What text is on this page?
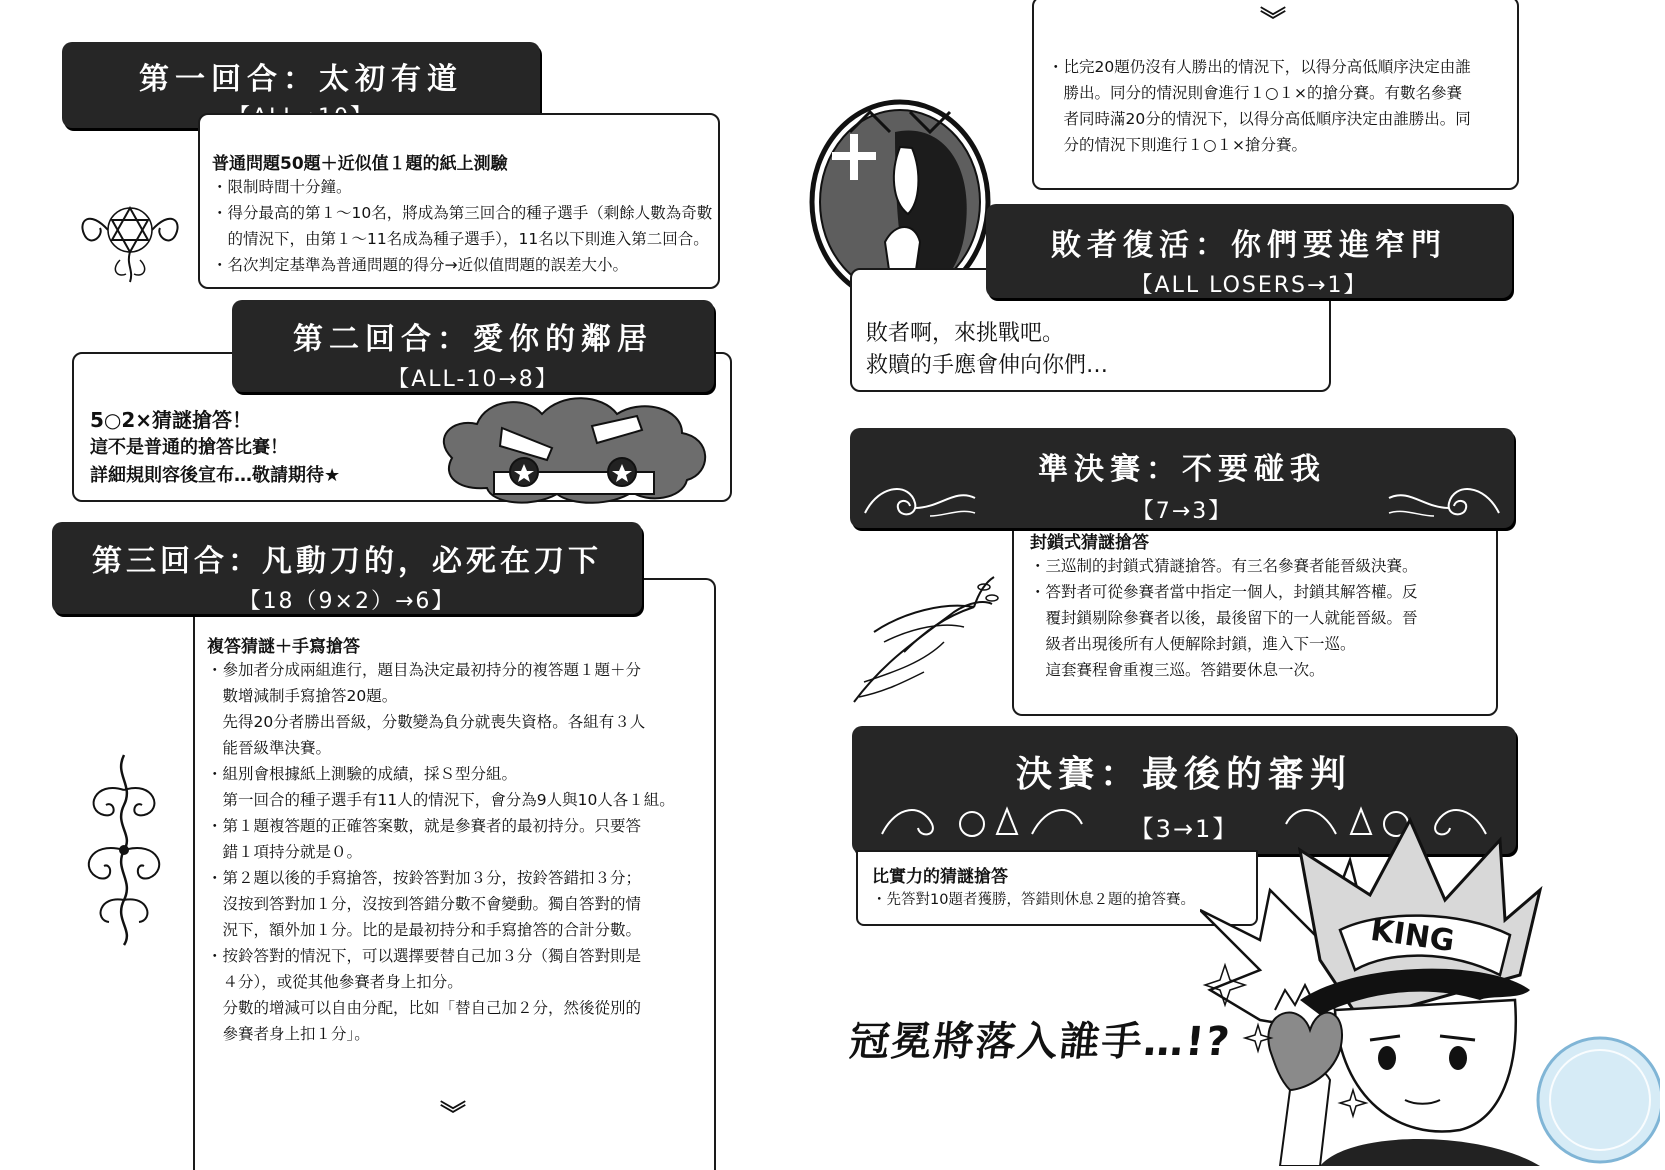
第一回合：太初有道
普通問題50題＋近似值１題的紙上測驗
・限制時間十分鐘。
・得分最高的第１～10名，將成為第三回合的種子選手（剩餘人數為奇數
　的情況下，由第１～11名成為種子選手），11名以下則進入第二回合。
・名次判定基準為普通問題的得分→近似值問題的誤差大小。
5○2×猜謎搶答！
這不是普通的搶答比賽！
詳細規則容後宣布…敬請期待★
第二回合：愛你的鄰居
【ALL-10→8】
複答猜謎＋手寫搶答
・參加者分成兩組進行，題目為決定最初持分的複答題１題＋分
　數增減制手寫搶答20題。
　先得20分者勝出晉級，分數變為負分就喪失資格。各組有３人
　能晉級準決賽。
・組別會根據紙上測驗的成績，採Ｓ型分組。
　第一回合的種子選手有11人的情況下，會分為9人與10人各１組。
・第１題複答題的正確答案數，就是參賽者的最初持分。只要答
　錯１項持分就是０。
・第２題以後的手寫搶答，按鈴答對加３分，按鈴答錯扣３分；
　沒按到答對加１分，沒按到答錯分數不會變動。獨自答對的情
　況下，額外加１分。比的是最初持分和手寫搶答的合計分數。
・按鈴答對的情況下，可以選擇要替自己加３分（獨自答對則是
　４分），或從其他參賽者身上扣分。
　分數的增減可以自由分配，比如「替自己加２分，然後從別的
　參賽者身上扣１分」。
第三回合：凡動刀的，必死在刀下
【18（9×2）→6】
︾
・比完20題仍沒有人勝出的情況下，以得分高低順序決定由誰
　勝出。同分的情況則會進行１○１×的搶分賽。有數名參賽
　者同時滿20分的情況下，以得分高低順序決定由誰勝出。同
　分的情況下則進行１○１×搶分賽。
︾
敗者啊，來挑戰吧。
救贖的手應會伸向你們…
敗者復活：你們要進窄門
【ALL LOSERS→1】
封鎖式猜謎搶答
・三巡制的封鎖式猜謎搶答。有三名參賽者能晉級決賽。
・答對者可從參賽者當中指定一個人，封鎖其解答權。反
　覆封鎖剔除參賽者以後，最後留下的一人就能晉級。晉
　級者出現後所有人便解除封鎖，進入下一巡。
　這套賽程會重複三巡。答錯要休息一次。
準決賽：不要碰我
【7→3】
決賽：最後的審判
【3→1】
比實力的猜謎搶答
・先答對10題者獲勝，答錯則休息２題的搶答賽。
KING
冠冕將落入誰手…!?
